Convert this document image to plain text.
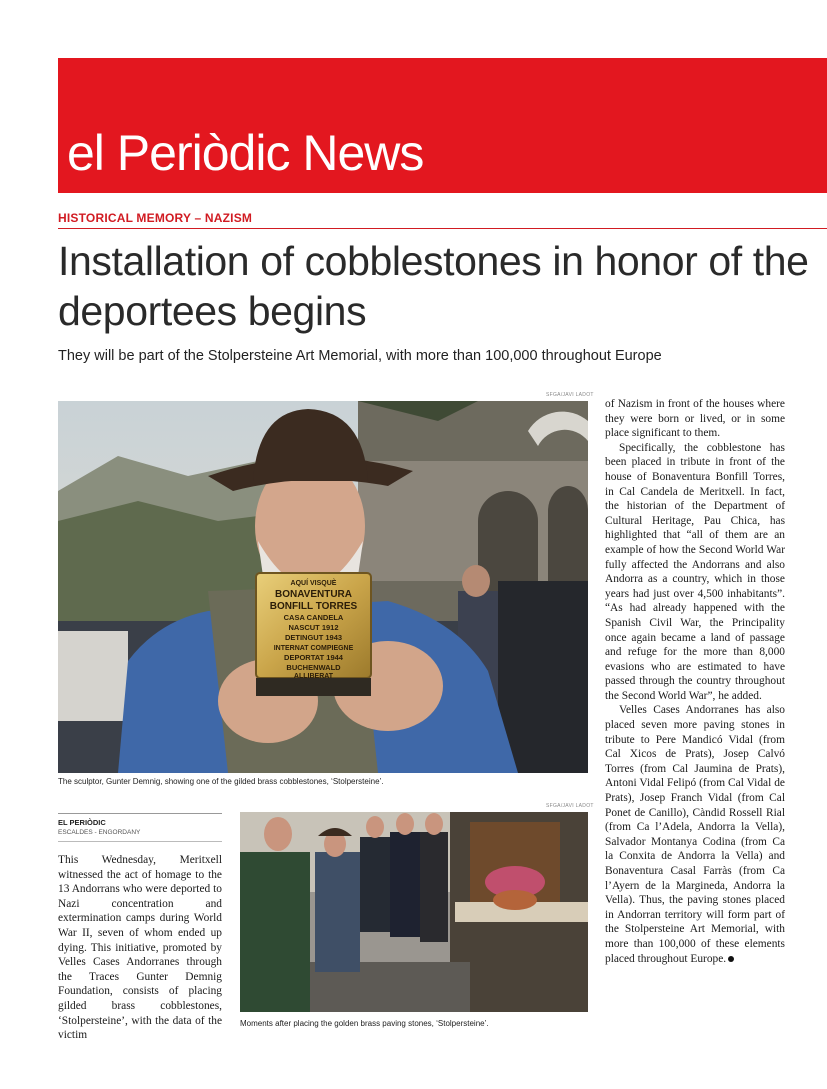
el Periòdic News
HISTORICAL MEMORY – NAZISM
Installation of cobblestones in honor of the deportees begins
They will be part of the Stolpersteine Art Memorial, with more than 100,000 throughout Europe
SFGA/JAVI LADOT
AQUÍ VISQUÈ
BONAVENTURA
BONFILL TORRES
CASA CANDELA
NASCUT 1912
DETINGUT 1943
INTERNAT COMPIEGNE
DEPORTAT 1944
BUCHENWALD
ALLIBERAT
The sculptor, Gunter Demnig, showing one of the gilded brass cobblestones, ‘Stolpersteine’.
EL PERIÒDIC
ESCALDES - ENGORDANY

This Wednesday, Meritxell witnessed the act of homage to the 13 Andorrans who were deported to Nazi concentration and extermination camps during World War II, seven of whom ended up dying. This initiative, promoted by Velles Cases Andorranes through the Traces Gunter Demnig Foundation, consists of placing gilded brass cobblestones, ‘Stolpersteine’, with the data of the victim

SFGA/JAVI LADOT
Moments after placing the golden brass paving stones, ‘Stolpersteine’.

of Nazism in front of the houses where they were born or lived, or in some place significant to them.

Specifically, the cobblestone has been placed in tribute in front of the house of Bonaventura Bonfill Torres, in Cal Candela de Meritxell. In fact, the historian of the Department of Cultural Heritage, Pau Chica, has highlighted that “all of them are an example of how the Second World War fully affected the Andorrans and also Andorra as a country, which in those years had just over 4,500 inhabitants”. “As had already happened with the Spanish Civil War, the Principality once again became a land of passage and refuge for the more than 8,000 evasions who are estimated to have passed through the country throughout the Second World War”, he added.

Velles Cases Andorranes has also placed seven more paving stones in tribute to Pere Mandicó Vidal (from Cal Xicos de Prats), Josep Calvó Torres (from Cal Jaumina de Prats), Antoni Vidal Felipó (from Cal Vidal de Prats), Josep Franch Vidal (from Cal Ponet de Canillo), Càndid Rossell Rial (from Ca l’Adela, Andorra la Vella), Salvador Montanya Codina (from Ca la Conxita de Andorra la Vella) and Bonaventura Casal Farràs (from Ca l’Ayern de la Margineda, Andorra la Vella). Thus, the paving stones placed in Andorran territory will form part of the Stolpersteine Art Memorial, with more than 100,000 of these elements placed throughout Europe.
